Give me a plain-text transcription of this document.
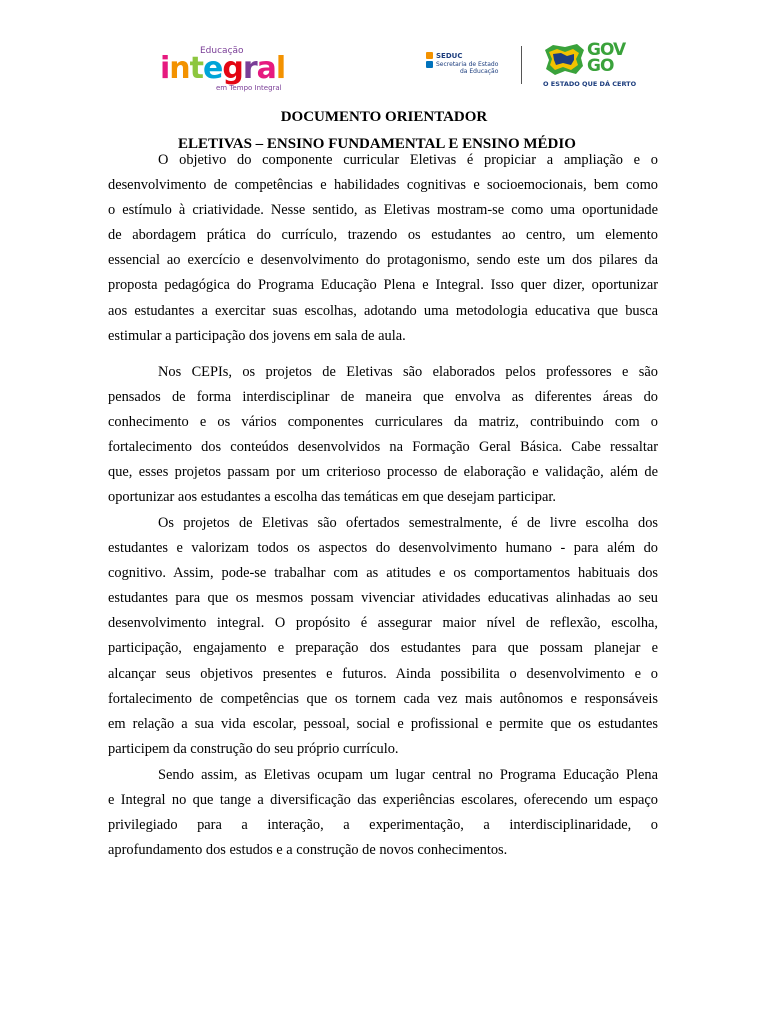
Educação
integral
em Tempo Integral
SEDUC
Secretaria de Estado
da Educação
GOV
GO
O ESTADO QUE DÁ CERTO
DOCUMENTO ORIENTADOR
ELETIVAS – ENSINO FUNDAMENTAL E ENSINO MÉDIO
O objetivo do componente curricular Eletivas é propiciar a ampliação e o
desenvolvimento de competências e habilidades cognitivas e socioemocionais, bem como
o estímulo à criatividade. Nesse sentido, as Eletivas mostram-se como uma oportunidade
de abordagem prática do currículo, trazendo os estudantes ao centro, um elemento
essencial ao exercício e desenvolvimento do protagonismo, sendo este um dos pilares da
proposta pedagógica do Programa Educação Plena e Integral. Isso quer dizer, oportunizar
aos estudantes a exercitar suas escolhas, adotando uma metodologia educativa que busca
estimular a participação dos jovens em sala de aula.
Nos CEPIs, os projetos de Eletivas são elaborados pelos professores e são
pensados de forma interdisciplinar de maneira que envolva as diferentes áreas do
conhecimento e os vários componentes curriculares da matriz, contribuindo com o
fortalecimento dos conteúdos desenvolvidos na Formação Geral Básica. Cabe ressaltar
que, esses projetos passam por um criterioso processo de elaboração e validação, além de
oportunizar aos estudantes a escolha das temáticas em que desejam participar.
Os projetos de Eletivas são ofertados semestralmente, é de livre escolha dos
estudantes e valorizam todos os aspectos do desenvolvimento humano - para além do
cognitivo. Assim, pode-se trabalhar com as atitudes e os comportamentos habituais dos
estudantes para que os mesmos possam vivenciar atividades educativas alinhadas ao seu
desenvolvimento integral. O propósito é assegurar maior nível de reflexão, escolha,
participação, engajamento e preparação dos estudantes para que possam planejar e
alcançar seus objetivos presentes e futuros. Ainda possibilita o desenvolvimento e o
fortalecimento de competências que os tornem cada vez mais autônomos e responsáveis
em relação a sua vida escolar, pessoal, social e profissional e permite que os estudantes
participem da construção do seu próprio currículo.
Sendo assim, as Eletivas ocupam um lugar central no Programa Educação Plena
e Integral no que tange a diversificação das experiências escolares, oferecendo um espaço
privilegiado para a interação, a experimentação, a interdisciplinaridade, o
aprofundamento dos estudos e a construção de novos conhecimentos.
